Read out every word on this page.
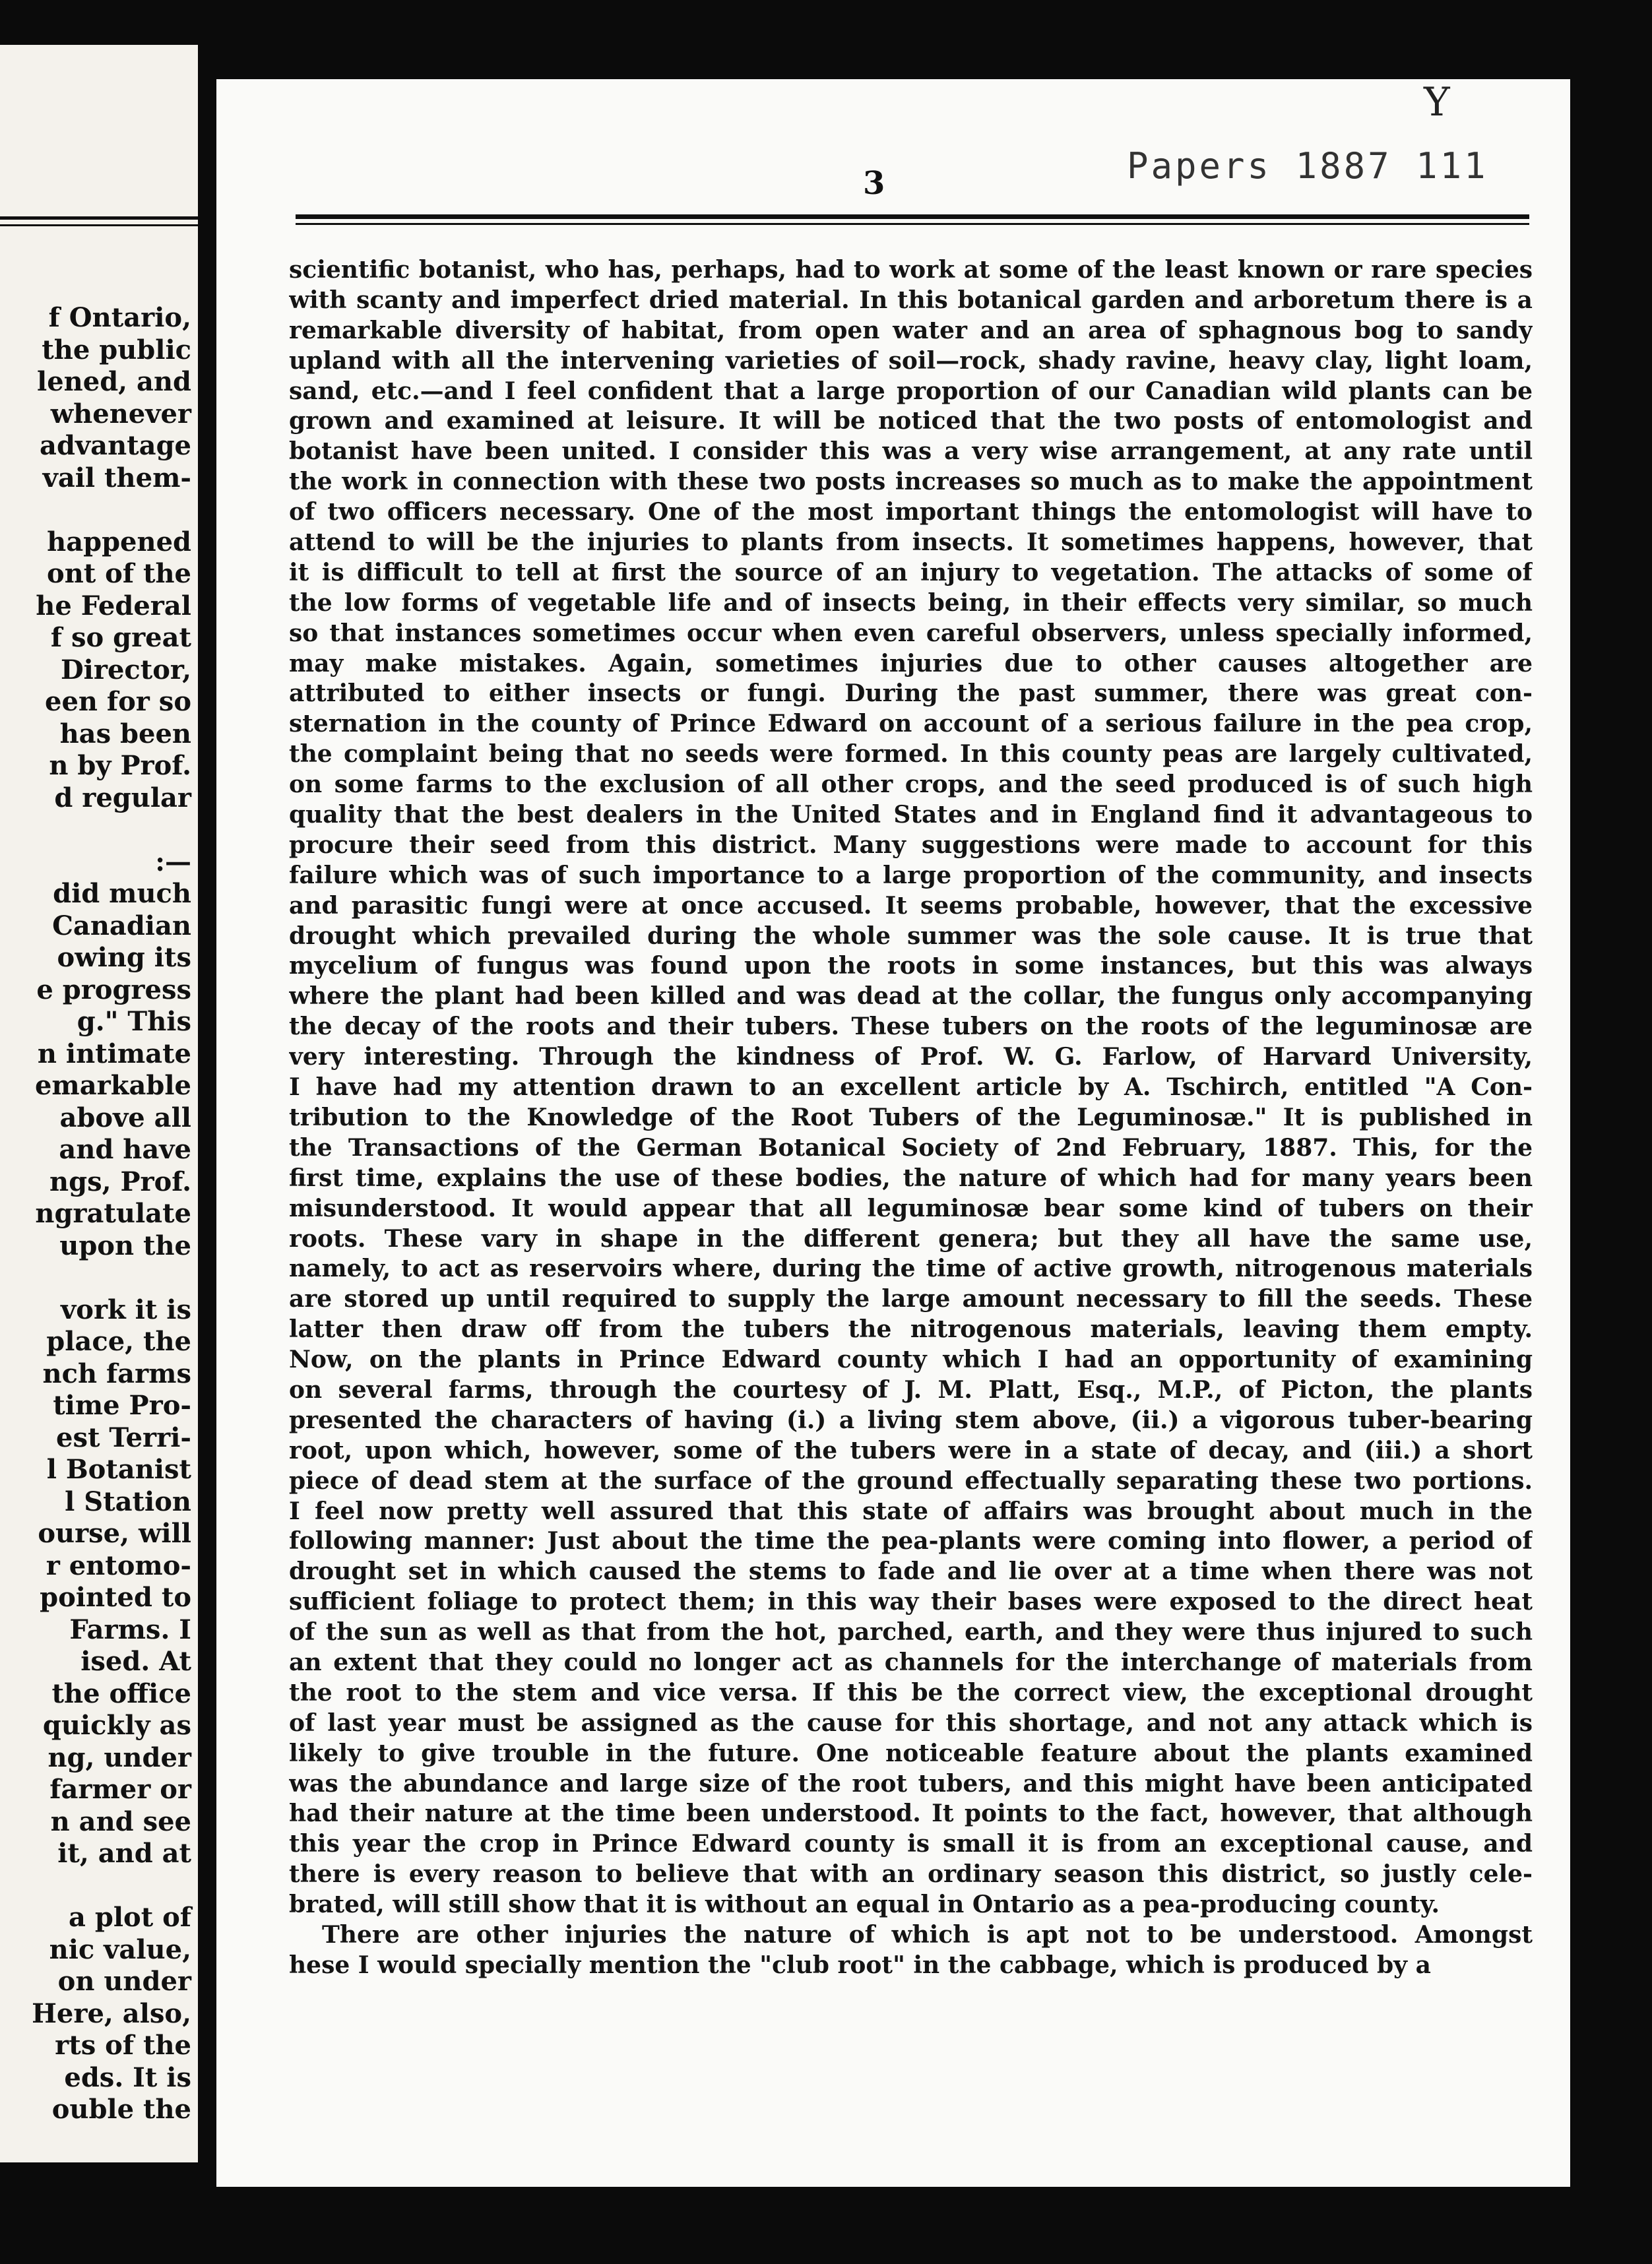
f Ontario,
the public
lened, and
whenever
advantage
vail them-
happened
ont of the
he Federal
f so great
Director,
een for so
has been
n by Prof.
d regular
:—
did much
Canadian
owing its
e progress
g." This
n intimate
emarkable
above all
and have
ngs, Prof.
ngratulate
upon the
vork it is
place, the
nch farms
time Pro-
est Terri-
l Botanist
l Station
ourse, will
r entomo-
pointed to
Farms. I
ised. At
the office
quickly as
ng, under
farmer or
n and see
it, and at
a plot of
nic value,
on under
Here, also,
rts of the
eds. It is
ouble the
Y
Papers 1887 111
3
scientific botanist, who has, perhaps, had to work at some of the least known or rare species
with scanty and imperfect dried material. In this botanical garden and arboretum there is a
remarkable diversity of habitat, from open water and an area of sphagnous bog to sandy
upland with all the intervening varieties of soil—rock, shady ravine, heavy clay, light loam,
sand, etc.—and I feel confident that a large proportion of our Canadian wild plants can be
grown and examined at leisure. It will be noticed that the two posts of entomologist and
botanist have been united. I consider this was a very wise arrangement, at any rate until
the work in connection with these two posts increases so much as to make the appointment
of two officers necessary. One of the most important things the entomologist will have to
attend to will be the injuries to plants from insects. It sometimes happens, however, that
it is difficult to tell at first the source of an injury to vegetation. The attacks of some of
the low forms of vegetable life and of insects being, in their effects very similar, so much
so that instances sometimes occur when even careful observers, unless specially informed,
may make mistakes. Again, sometimes injuries due to other causes altogether are
attributed to either insects or fungi. During the past summer, there was great con-
sternation in the county of Prince Edward on account of a serious failure in the pea crop,
the complaint being that no seeds were formed. In this county peas are largely cultivated,
on some farms to the exclusion of all other crops, and the seed produced is of such high
quality that the best dealers in the United States and in England find it advantageous to
procure their seed from this district. Many suggestions were made to account for this
failure which was of such importance to a large proportion of the community, and insects
and parasitic fungi were at once accused. It seems probable, however, that the excessive
drought which prevailed during the whole summer was the sole cause. It is true that
mycelium of fungus was found upon the roots in some instances, but this was always
where the plant had been killed and was dead at the collar, the fungus only accompanying
the decay of the roots and their tubers. These tubers on the roots of the leguminosæ are
very interesting. Through the kindness of Prof. W. G. Farlow, of Harvard University,
I have had my attention drawn to an excellent article by A. Tschirch, entitled "A Con-
tribution to the Knowledge of the Root Tubers of the Leguminosæ." It is published in
the Transactions of the German Botanical Society of 2nd February, 1887. This, for the
first time, explains the use of these bodies, the nature of which had for many years been
misunderstood. It would appear that all leguminosæ bear some kind of tubers on their
roots. These vary in shape in the different genera; but they all have the same use,
namely, to act as reservoirs where, during the time of active growth, nitrogenous materials
are stored up until required to supply the large amount necessary to fill the seeds. These
latter then draw off from the tubers the nitrogenous materials, leaving them empty.
Now, on the plants in Prince Edward county which I had an opportunity of examining
on several farms, through the courtesy of J. M. Platt, Esq., M.P., of Picton, the plants
presented the characters of having (i.) a living stem above, (ii.) a vigorous tuber-bearing
root, upon which, however, some of the tubers were in a state of decay, and (iii.) a short
piece of dead stem at the surface of the ground effectually separating these two portions.
I feel now pretty well assured that this state of affairs was brought about much in the
following manner: Just about the time the pea-plants were coming into flower, a period of
drought set in which caused the stems to fade and lie over at a time when there was not
sufficient foliage to protect them; in this way their bases were exposed to the direct heat
of the sun as well as that from the hot, parched, earth, and they were thus injured to such
an extent that they could no longer act as channels for the interchange of materials from
the root to the stem and vice versa. If this be the correct view, the exceptional drought
of last year must be assigned as the cause for this shortage, and not any attack which is
likely to give trouble in the future. One noticeable feature about the plants examined
was the abundance and large size of the root tubers, and this might have been anticipated
had their nature at the time been understood. It points to the fact, however, that although
this year the crop in Prince Edward county is small it is from an exceptional cause, and
there is every reason to believe that with an ordinary season this district, so justly cele-
brated, will still show that it is without an equal in Ontario as a pea-producing county.
There are other injuries the nature of which is apt not to be understood. Amongst
hese I would specially mention the "club root" in the cabbage, which is produced by a
